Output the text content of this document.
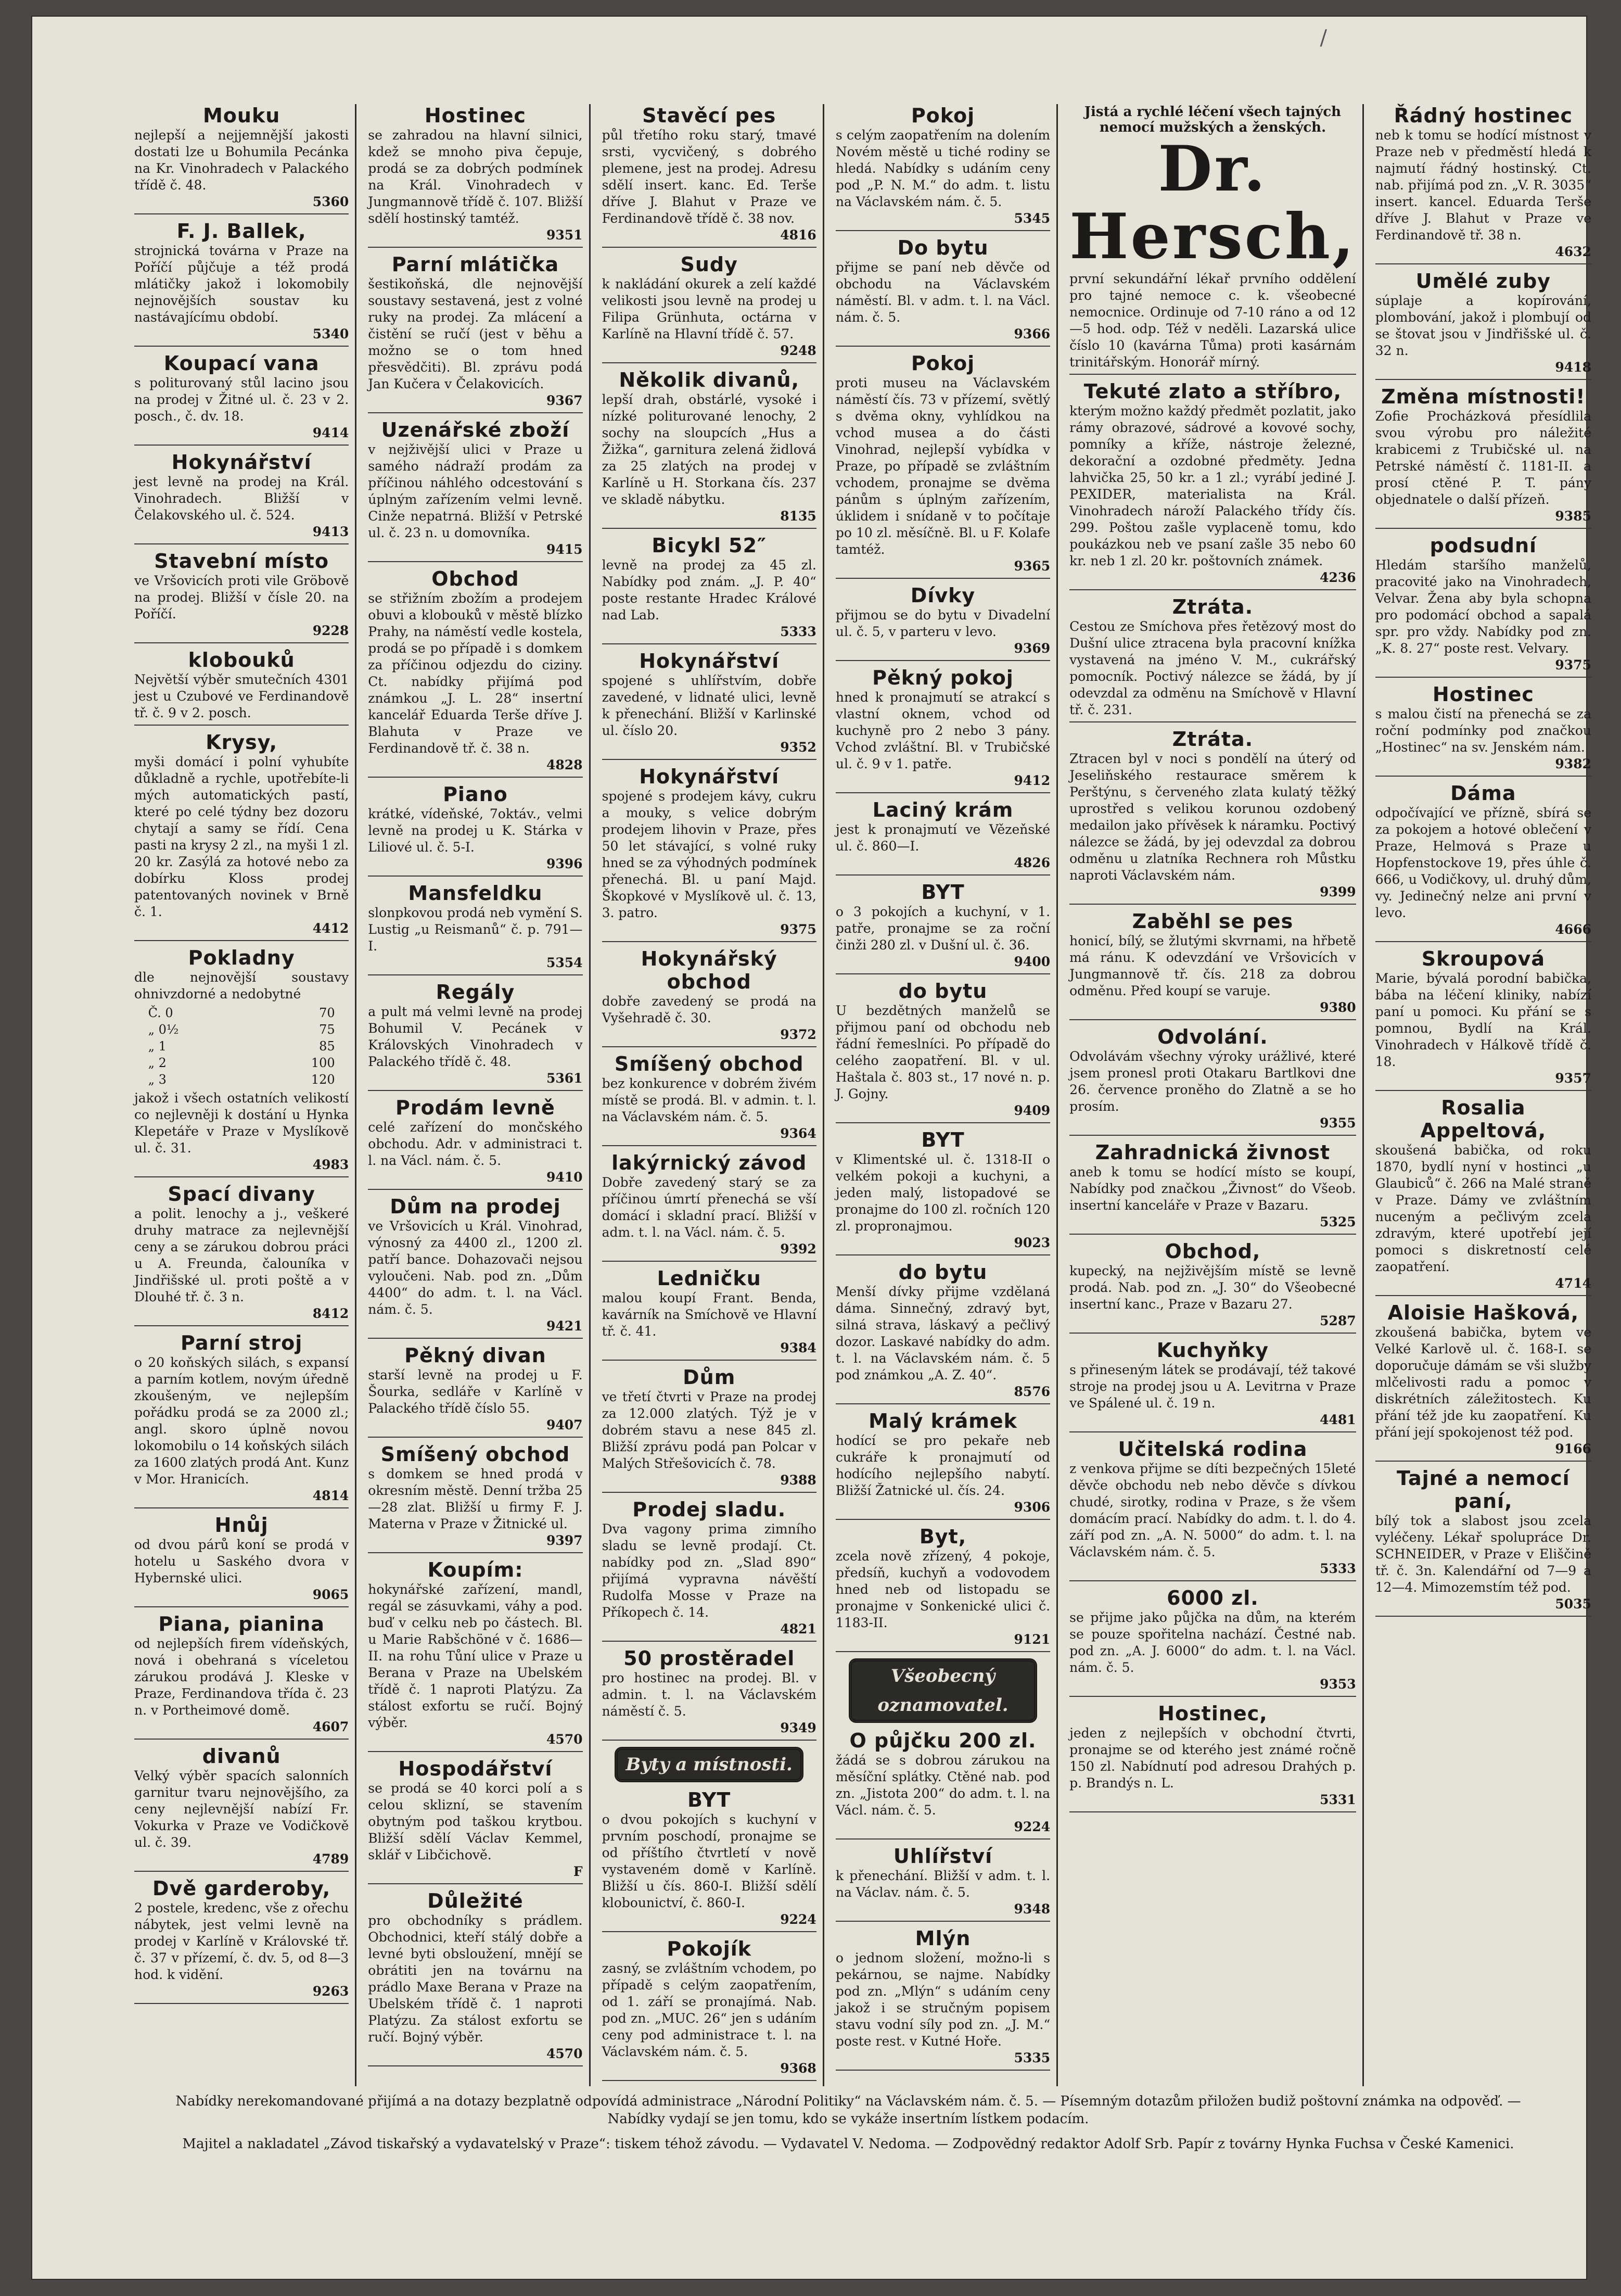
/
Mouku

nejlepší a nejjemnější jakosti dostati lze u Bohumila Pecánka na Kr. Vinohradech v Palackého třídě č. 48.

5360
F. J. Ballek,

strojnická továrna v Praze na Poříčí půjčuje a též prodá mlátičky jakož i lokomobily nejnovějších soustav ku nastávajícímu období.

5340
Koupací vana

s politurovaný stůl lacino jsou na prodej v Žitné ul. č. 23 v 2. posch., č. dv. 18.

9414
Hokynářství

jest levně na prodej na Král. Vinohradech. Bližší v Čelakovského ul. č. 524.

9413
Stavební místo

ve Vršovicích proti vile Gröbově na prodej. Bližší v čísle 20. na Poříčí.

9228
klobouků

Největší výběr smutečních 4301 jest u Czubové ve Ferdinandově tř. č. 9 v 2. posch.

Krysy,

myši domácí i polní vyhubíte důkladně a rychle, upotřebíte-li mých automatických pastí, které po celé týdny bez dozoru chytají a samy se řídí. Cena pasti na krysy 2 zl., na myši 1 zl. 20 kr. Zasýlá za hotové nebo za dobírku Kloss prodej patentovaných novinek v Brně č. 1.

4412
Pokladny

dle nejnovější soustavy ohnivzdorné a nedobytné

Č. 0	70
„ 0½	75
„ 1	85
„ 2	100
„ 3	120

jakož i všech ostatních velikostí co nejlevněji k dostání u Hynka Klepetáře v Praze v Myslíkově ul. č. 31.

4983
Spací divany

a polit. lenochy a j., veškeré druhy matrace za nejlevnější ceny a se zárukou dobrou práci u A. Freunda, čalouníka v Jindřišské ul. proti poště a v Dlouhé tř. č. 3 n.

8412
Parní stroj

o 20 koňských silách, s expansí a parním kotlem, novým úředně zkoušeným, ve nejlepším pořádku prodá se za 2000 zl.; angl. skoro úplně novou lokomobilu o 14 koňských silách za 1600 zlatých prodá Ant. Kunz v Mor. Hranicích.

4814
Hnůj

od dvou párů koní se prodá v hotelu u Saského dvora v Hybernské ulici.

9065
Piana, pianina

od nejlepších firem vídeňských, nová i obehraná s víceletou zárukou prodává J. Kleske v Praze, Ferdinandova třída č. 23 n. v Portheimové domě.

4607
divanů

Velký výběr spacích salonních garnitur tvaru nejnovějšího, za ceny nejlevnější nabízí Fr. Vokurka v Praze ve Vodičkově ul. č. 39.

4789
Dvě garderoby,

2 postele, kredenc, vše z ořechu nábytek, jest velmi levně na prodej v Karlíně v Královské tř. č. 37 v přízemí, č. dv. 5, od 8—3 hod. k vidění.

9263
Hostinec

se zahradou na hlavní silnici, kdež se mnoho piva čepuje, prodá se za dobrých podmínek na Král. Vinohradech v Jungmannově třídě č. 107. Bližší sdělí hostinský tamtéž.

9351
Parní mlátička

šestikoňská, dle nejnovější soustavy sestavená, jest z volné ruky na prodej. Za mlácení a čistění se ručí (jest v běhu a možno se o tom hned přesvědčiti). Bl. zprávu podá Jan Kučera v Čelakovicích.

9367
Uzenářské zboží

v nejživější ulici v Praze u samého nádraží prodám za příčinou náhlého odcestování s úplným zařízením velmi levně. Cinže nepatrná. Bližší v Petrské ul. č. 23 n. u domovníka.

9415
Obchod

se střižním zbožím a prodejem obuvi a klobouků v městě blízko Prahy, na náměstí vedle kostela, prodá se po případě i s domkem za příčinou odjezdu do ciziny. Ct. nabídky přijímá pod známkou „J. L. 28“ insertní kancelář Eduarda Terše dříve J. Blahuta v Praze ve Ferdinandově tř. č. 38 n.

4828
Piano

krátké, vídeňské, 7oktáv., velmi levně na prodej u K. Stárka v Liliové ul. č. 5-I.

9396
Mansfeldku

slonpkovou prodá neb vymění S. Lustig „u Reismanů“ č. p. 791—I.

5354
Regály

a pult má velmi levně na prodej Bohumil V. Pecánek v Královských Vinohradech v Palackého třídě č. 48.

5361
Prodám levně

celé zařízení do mončského obchodu. Adr. v administraci t. l. na Václ. nám. č. 5.

9410
Dům na prodej

ve Vršovicích u Král. Vinohrad, výnosný za 4400 zl., 1200 zl. patří bance. Dohazovači nejsou vyloučeni. Nab. pod zn. „Dům 4400“ do adm. t. l. na Václ. nám. č. 5.

9421
Pěkný divan

starší levně na prodej u F. Šourka, sedláře v Karlíně v Palackého třídě číslo 55.

9407
Smíšený obchod

s domkem se hned prodá v okresním městě. Denní tržba 25—28 zlat. Bližší u firmy F. J. Materna v Praze v Žitnické ul.

9397
Koupím:

hokynářské zařízení, mandl, regál se zásuvkami, váhy a pod. buď v celku neb po částech. Bl. u Marie Rabšchöné v č. 1686—II. na rohu Tůní ulice v Praze u Berana v Praze na Ubelském třídě č. 1 naproti Platýzu. Za stálost exfortu se ručí. Bojný výběr.

4570
Hospodářství

se prodá se 40 korci polí a s celou sklizní, se stavením obytným pod taškou krytbou. Bližší sdělí Václav Kemmel, sklář v Libčichově.

F
Důležité

pro obchodníky s prádlem. Obchodnici, kteří stálý dobře a levné byti obsloužení, mnějí se obrátiti jen na továrnu na prádlo Maxe Berana v Praze na Ubelském třídě č. 1 naproti Platýzu. Za stálost exfortu se ručí. Bojný výběr.

4570
Stavěcí pes

půl třetího roku starý, tmavé srsti, vycvičený, s dobrého plemene, jest na prodej. Adresu sdělí insert. kanc. Ed. Terše dříve J. Blahut v Praze ve Ferdinandově třídě č. 38 nov.

4816
Sudy

k nakládání okurek a zelí každé velikosti jsou levně na prodej u Filipa Grünhuta, octárna v Karlíně na Hlavní třídě č. 57.

9248
Několik divanů,

lepší drah, obstárlé, vysoké i nízké politurované lenochy, 2 sochy na sloupcích „Hus a Žižka“, garnitura zelená židlová za 25 zlatých na prodej v Karlíně u H. Storkana čís. 237 ve skladě nábytku.

8135
Bicykl 52″

levně na prodej za 45 zl. Nabídky pod znám. „J. P. 40“ poste restante Hradec Králové nad Lab.

5333
Hokynářství

spojené s uhlířstvím, dobře zavedené, v lidnaté ulici, levně k přenechání. Bližší v Karlinské ul. číslo 20.

9352
Hokynářství

spojené s prodejem kávy, cukru a mouky, s velice dobrým prodejem lihovin v Praze, přes 50 let stávající, s volné ruky hned se za výhodných podmínek přenechá. Bl. u paní Majd. Škopkové v Myslíkově ul. č. 13, 3. patro.

9375
Hokynářský obchod

dobře zavedený se prodá na Vyšehradě č. 30.

9372
Smíšený obchod

bez konkurence v dobrém živém místě se prodá. Bl. v admin. t. l. na Václavském nám. č. 5.

9364
lakýrnický závod

Dobře zavedený starý se za příčinou úmrtí přenechá se vší domácí i skladní prací. Bližší v adm. t. l. na Václ. nám. č. 5.

9392
Ledničku

malou koupí Frant. Benda, kavárník na Smíchově ve Hlavní tř. č. 41.

9384
Dům

ve třetí čtvrti v Praze na prodej za 12.000 zlatých. Týž je v dobrém stavu a nese 845 zl. Bližší zprávu podá pan Polcar v Malých Střešovicích č. 78.

9388
Prodej sladu.

Dva vagony prima zimního sladu se levně prodají. Ct. nabídky pod zn. „Slad 890“ přijímá vypravna návěští Rudolfa Mosse v Praze na Příkopech č. 14.

4821
50 prostěradel

pro hostinec na prodej. Bl. v admin. t. l. na Václavském náměstí č. 5.

9349
Byty a místnosti.
BYT

o dvou pokojích s kuchyní v prvním poschodí, pronajme se od příštího čtvrtletí v nově vystaveném domě v Karlíně. Bližší u čís. 860-I. Bližší sdělí klobounictví, č. 860-I.

9224
Pokojík

zasný, se zvláštním vchodem, po případě s celým zaopatřením, od 1. září se pronajímá. Nab. pod zn. „MUC. 26“ jen s udáním ceny pod administrace t. l. na Václavském nám. č. 5.

9368
Pokoj

s celým zaopatřením na dolením Novém městě u tiché rodiny se hledá. Nabídky s udáním ceny pod „P. N. M.“ do adm. t. listu na Václavském nám. č. 5.

5345
Do bytu

přijme se paní neb děvče od obchodu na Václavském náměstí. Bl. v adm. t. l. na Václ. nám. č. 5.

9366
Pokoj

proti museu na Václavském náměstí čís. 73 v přízemí, světlý s dvěma okny, vyhlídkou na vchod musea a do části Vinohrad, nejlepší vybídka v Praze, po případě se zvláštním vchodem, pronajme se dvěma pánům s úplným zařízením, úklidem i snídaně v to počítaje po 10 zl. měsíčně. Bl. u F. Kolafe tamtéž.

9365
Dívky

přijmou se do bytu v Divadelní ul. č. 5, v parteru v levo.

9369
Pěkný pokoj

hned k pronajmutí se atrakcí s vlastní oknem, vchod od kuchyně pro 2 nebo 3 pány. Vchod zvláštní. Bl. v Trubičské ul. č. 9 v 1. patře.

9412
Laciný krám

jest k pronajmutí ve Vězeňské ul. č. 860—I.

4826
BYT

o 3 pokojích a kuchyní, v 1. patře, pronajme se za roční činži 280 zl. v Dušní ul. č. 36.

9400
do bytu

U bezdětných manželů se přijmou paní od obchodu neb řádní řemeslníci. Po případě do celého zaopatření. Bl. v ul. Haštala č. 803 st., 17 nové n. p. J. Gojny.

9409
BYT

v Klimentské ul. č. 1318-II o velkém pokoji a kuchyni, a jeden malý, listopadové se pronajme do 100 zl. ročních 120 zl. propronajmou.

9023
do bytu

Menší dívky přijme vzdělaná dáma. Sinnečný, zdravý byt, silná strava, láskavý a pečlivý dozor. Laskavé nabídky do adm. t. l. na Václavském nám. č. 5 pod známkou „A. Z. 40“.

8576
Malý krámek

hodící se pro pekaře neb cukráře k pronajmutí od hodícího nejlepšího nabytí. Bližší Žatnické ul. čís. 24.

9306
Byt,

zcela nově zřízený, 4 pokoje, předsíň, kuchyň a vodovodem hned neb od listopadu se pronajme v Sonkenické ulici č. 1183-II.

9121
Všeobecný oznamovatel.
O půjčku 200 zl.

žádá se s dobrou zárukou na měsíční splátky. Ctěné nab. pod zn. „Jistota 200“ do adm. t. l. na Václ. nám. č. 5.

9224
Uhlířství

k přenechání. Bližší v adm. t. l. na Václav. nám. č. 5.

9348
Mlýn

o jednom složení, možno-li s pekárnou, se najme. Nabídky pod zn. „Mlýn“ s udáním ceny jakož i se stručným popisem stavu vodní síly pod zn. „J. M.“ poste rest. v Kutné Hoře.

5335
Jistá a rychlé léčení všech tajných nemocí mužských a ženských.
Dr. Hersch,

první sekundářní lékař prvního oddělení pro tajné nemoce c. k. všeobecné nemocnice. Ordinuje od 7-10 ráno a od 12—5 hod. odp. Též v neděli. Lazarská ulice číslo 10 (kavárna Tůma) proti kasárnám trinitářským. Honorář mírný.

Tekuté zlato a stříbro,

kterým možno každý předmět pozlatit, jako rámy obrazové, sádrové a kovové sochy, pomníky a kříže, nástroje železné, dekorační a ozdobné předměty. Jedna lahvička 25, 50 kr. a 1 zl.; vyrábí jediné J. PEXIDER, materialista na Král. Vinohradech nároží Palackého třídy čís. 299. Poštou zašle vyplaceně tomu, kdo poukázkou neb ve psaní zašle 35 nebo 60 kr. neb 1 zl. 20 kr. poštovních známek.

4236
Ztráta.

Cestou ze Smíchova přes řetězový most do Dušní ulice ztracena byla pracovní knížka vystavená na jméno V. M., cukrářský pomocník. Poctivý nálezce se žádá, by jí odevzdal za odměnu na Smíchově v Hlavní tř. č. 231.

Ztráta.

Ztracen byl v noci s pondělí na úterý od Jeseliňského restaurace směrem k Perštýnu, s červeného zlata kulatý těžký uprostřed s velikou korunou ozdobený medailon jako přívěsek k náramku. Poctivý nálezce se žádá, by jej odevzdal za dobrou odměnu u zlatníka Rechnera roh Můstku naproti Václavském nám.

9399
Zaběhl se pes

honicí, bílý, se žlutými skvrnami, na hřbetě má ránu. K odevzdání ve Vršovicích v Jungmannově tř. čís. 218 za dobrou odměnu. Před koupí se varuje.

9380
Odvolání.

Odvolávám všechny výroky urážlivé, které jsem pronesl proti Otakaru Bartlkovi dne 26. července proněho do Zlatně a se ho prosím.

9355
Zahradnická živnost

aneb k tomu se hodící místo se koupí, Nabídky pod značkou „Živnost“ do Všeob. insertní kanceláře v Praze v Bazaru.

5325
Obchod,

kupecký, na nejživějším místě se levně prodá. Nab. pod zn. „J. 30“ do Všeobecné insertní kanc., Praze v Bazaru 27.

5287
Kuchyňky

s přineseným látek se prodávají, též takové stroje na prodej jsou u A. Levitrna v Praze ve Spálené ul. č. 19 n.

4481
Učitelská rodina

z venkova přijme se díti bezpečných 15leté děvče obchodu neb nebo děvče s dívkou chudé, sirotky, rodina v Praze, s že všem domácím prací. Nabídky do adm. t. l. do 4. září pod zn. „A. N. 5000“ do adm. t. l. na Václavském nám. č. 5.

5333
6000 zl.

se přijme jako půjčka na dům, na kterém se pouze spořitelna nachází. Čestné nab. pod zn. „A. J. 6000“ do adm. t. l. na Václ. nám. č. 5.

9353
Hostinec,

jeden z nejlepších v obchodní čtvrti, pronajme se od kterého jest známé ročně 150 zl. Nabídnutí pod adresou Drahých p. p. Brandýs n. L.

5331
Řádný hostinec

neb k tomu se hodící místnost v Praze neb v předměstí hledá k najmutí řádný hostinský. Ct. nab. přijímá pod zn. „V. R. 3035“ insert. kancel. Eduarda Terše dříve J. Blahut v Praze ve Ferdinandově tř. 38 n.

4632
Umělé zuby

súplaje a kopírování, plombování, jakož i plombují od se štovat jsou v Jindřišské ul. č. 32 n.

9418
Změna místnosti!

Zofie Procházková přesídlila svou výrobu pro náležité krabicemi z Trubičské ul. na Petrské náměstí č. 1181-II. a prosí ctěné P. T. pány objednatele o další přízeň.

9385
podsudní

Hledám staršího manželů, pracovité jako na Vinohradech, Velvar. Žena aby byla schopna pro podomácí obchod a sapalá spr. pro vždy. Nabídky pod zn. „K. 8. 27“ poste rest. Velvary.

9375
Hostinec

s malou čistí na přenechá se za roční podmínky pod značkou „Hostinec“ na sv. Jenském nám.

9382
Dáma

odpočívající ve přízně, sbírá se za pokojem a hotové oblečení v Praze, Helmová s Praze u Hopfenstockove 19, přes úhle č. 666, u Vodičkovy, ul. druhý dům, vy. Jedinečný nelze ani první v levo.

4666
Skroupová

Marie, bývalá porodní babička, bába na léčení kliniky, nabízí paní u pomoci. Ku přání se s pomnou, Bydlí na Král. Vinohradech v Hálkově třídě č. 18.

9357
Rosalia Appeltová,

skoušená babička, od roku 1870, bydlí nyní v hostinci „u Glaubiců“ č. 266 na Malé straně v Praze. Dámy ve zvláštním nuceným a pečlivým zcela zdravým, které upotřebí její pomoci s diskretností celé zaopatření.

4714
Aloisie Hašková,

zkoušená babička, bytem ve Velké Karlově ul. č. 168-I. se doporučuje dámám se vši služby mlčelivosti radu a pomoc v diskrétních záležitostech. Ku přání též jde ku zaopatření. Ku přání její spokojenost též pod.

9166
Tajné a nemocí paní,

bílý tok a slabost jsou zcela vyléčeny. Lékař spolupráce Dr. SCHNEIDER, v Praze v Eliščině tř. č. 3n. Kalendářní od 7—9 a 12—4. Mimozemstím též pod.

5035

Nabídky nerekomandované přijímá a na dotazy bezplatně odpovídá administrace „Národní Politiky“ na Václavském nám. č. 5. — Písemným dotazům přiložen budiž poštovní známka na odpověď. — Nabídky vydají se jen tomu, kdo se vykáže insertním lístkem podacím.

Majitel a nakladatel „Závod tiskařský a vydavatelský v Praze“: tiskem téhož závodu. — Vydavatel V. Nedoma. — Zodpovědný redaktor Adolf Srb. Papír z továrny Hynka Fuchsa v České Kamenici.
